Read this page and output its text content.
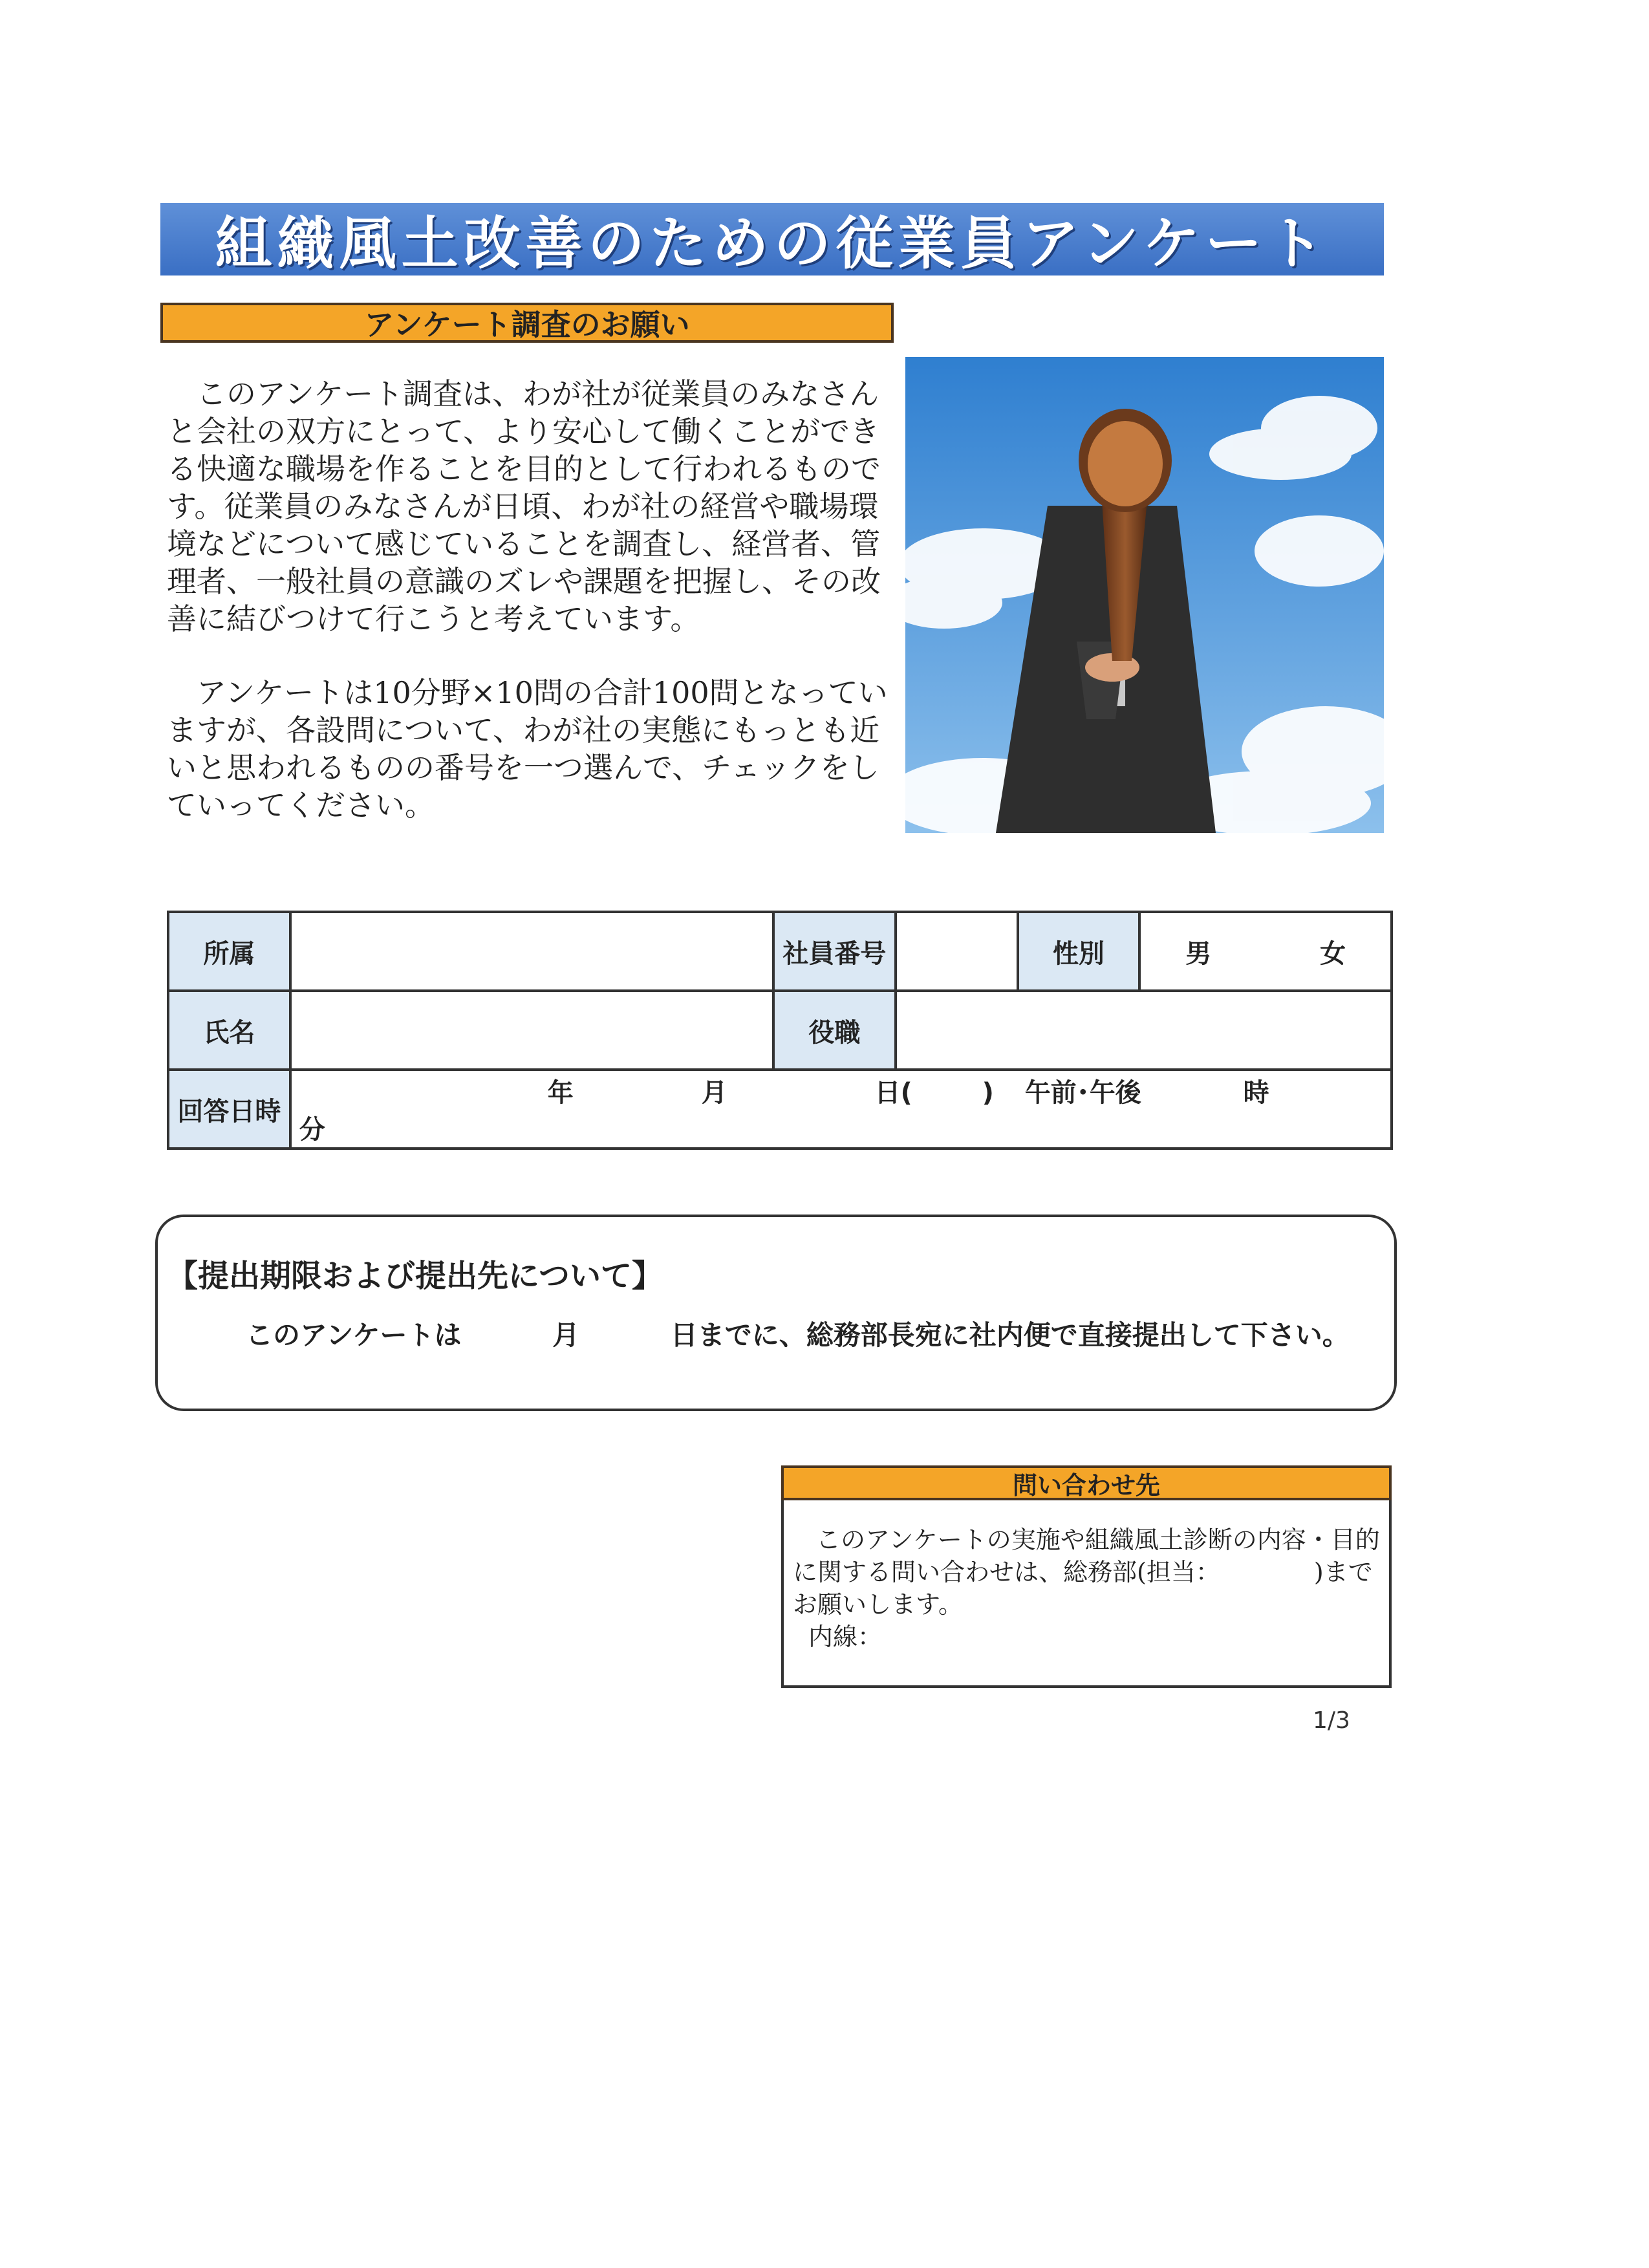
組織風土改善のための従業員アンケート
アンケート調査のお願い

このアンケート調査は、わが社が従業員のみなさんと会社の双方にとって、より安心して働くことができる快適な職場を作ることを目的として行われるものです。従業員のみなさんが日頃、わが社の経営や職場環境などについて感じていることを調査し、経営者、管理者、一般社員の意識のズレや課題を把握し、その改善に結びつけて行こうと考えています。

アンケートは10分野×10問の合計100問となっていますが、各設問について、わが社の実態にもっとも近いと思われるものの番号を一つ選んで、チェックをしていってください。

所属		社員番号		性別	男 女
氏名		役職			
回答日時	年 月 日( ) 午前･午後 時  分				
【提出期限および提出先について】
このアンケートは　　　 月　　　 日までに、総務部長宛に社内便で直接提出して下さい。
問い合わせ先
このアンケートの実施や組織風土診断の内容・目的
に関する問い合わせは、総務部(担当：　　　　 )まで
お願いします。
内線：
1/3
